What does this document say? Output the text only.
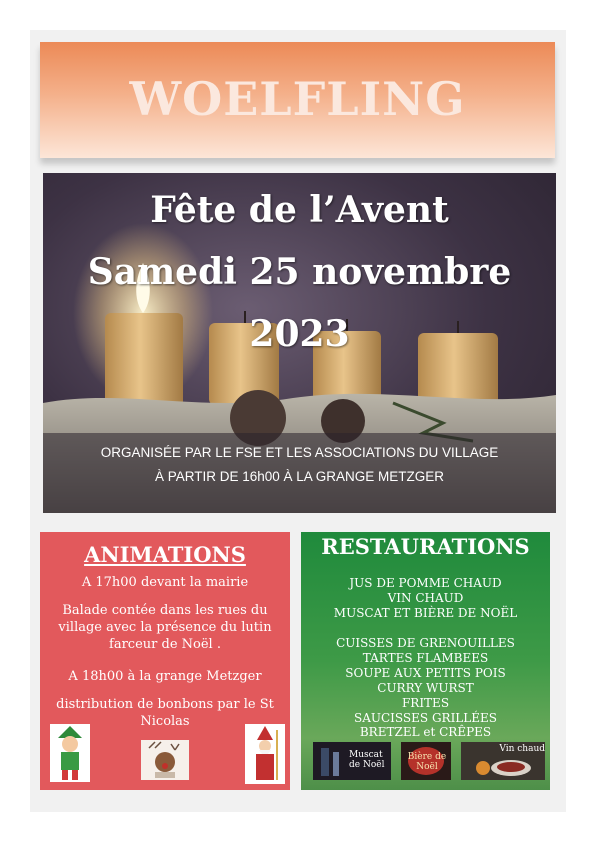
WOELFLING
Fête de l’Avent
Samedi 25 novembre
2023
ORGANISÉE PAR LE FSE ET LES ASSOCIATIONS DU VILLAGE
À PARTIR DE 16h00 À LA GRANGE METZGER
ANIMATIONS
A 17h00 devant la mairie
Balade contée dans les rues du village avec la présence du lutin farceur de Noël .
A 18h00 à la grange Metzger
distribution de bonbons par le St Nicolas
RESTAURATIONS
JUS DE POMME CHAUD
VIN CHAUD
MUSCAT ET BIÈRE DE NOËL
CUISSES DE GRENOUILLES
TARTES FLAMBEES
SOUPE AUX PETITS POIS
CURRY WURST
FRITES
SAUCISSES GRILLÉES
BRETZEL et CRÊPES
Muscat de Noël
Bière de Noël
Vin chaud
